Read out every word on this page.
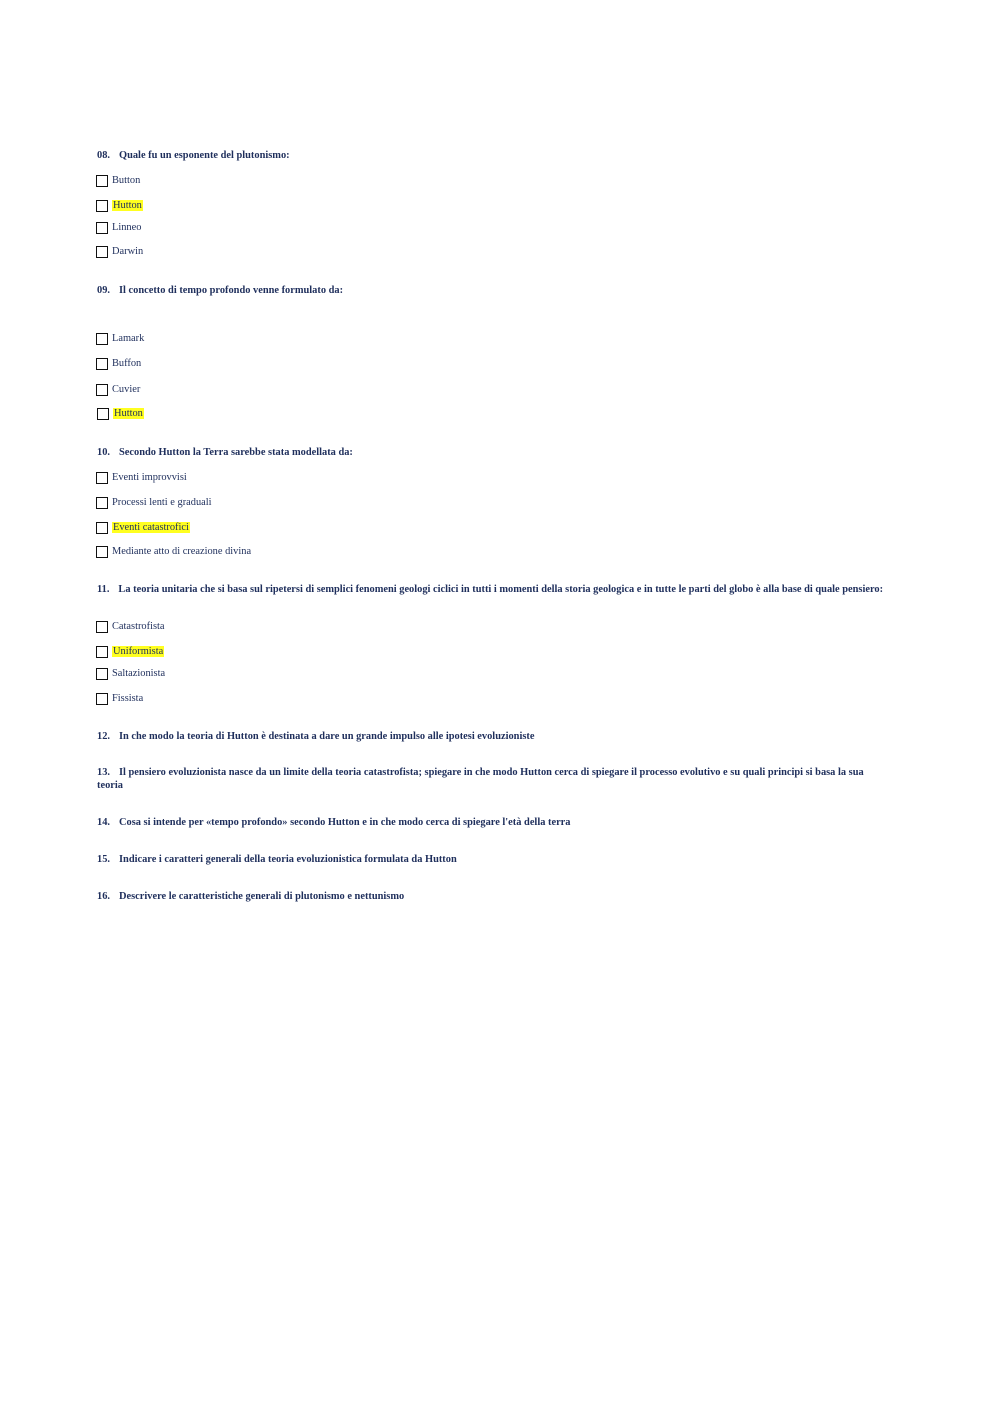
08. Quale fu un esponente del plutonismo:
Button
Hutton
Linneo
Darwin
09. Il concetto di tempo profondo venne formulato da:
Lamark
Buffon
Cuvier
Hutton
10. Secondo Hutton la Terra sarebbe stata modellata da:
Eventi improvvisi
Processi lenti e graduali
Eventi catastrofici
Mediante atto di creazione divina
11. La teoria unitaria che si basa sul ripetersi di semplici fenomeni geologi ciclici in tutti i momenti della storia geologica e in tutte le parti del globo è alla base di quale pensiero:
Catastrofista
Uniformista
Saltazionista
Fissista
12. In che modo la teoria di Hutton è destinata a dare un grande impulso alle ipotesi evoluzioniste
13. Il pensiero evoluzionista nasce da un limite della teoria catastrofista; spiegare in che modo Hutton cerca di spiegare il processo evolutivo e su quali principi si basa la sua teoria
14. Cosa si intende per «tempo profondo» secondo Hutton e in che modo cerca di spiegare l'età della terra
15. Indicare i caratteri generali della teoria evoluzionistica formulata da Hutton
16. Descrivere le caratteristiche generali di plutonismo e nettunismo
